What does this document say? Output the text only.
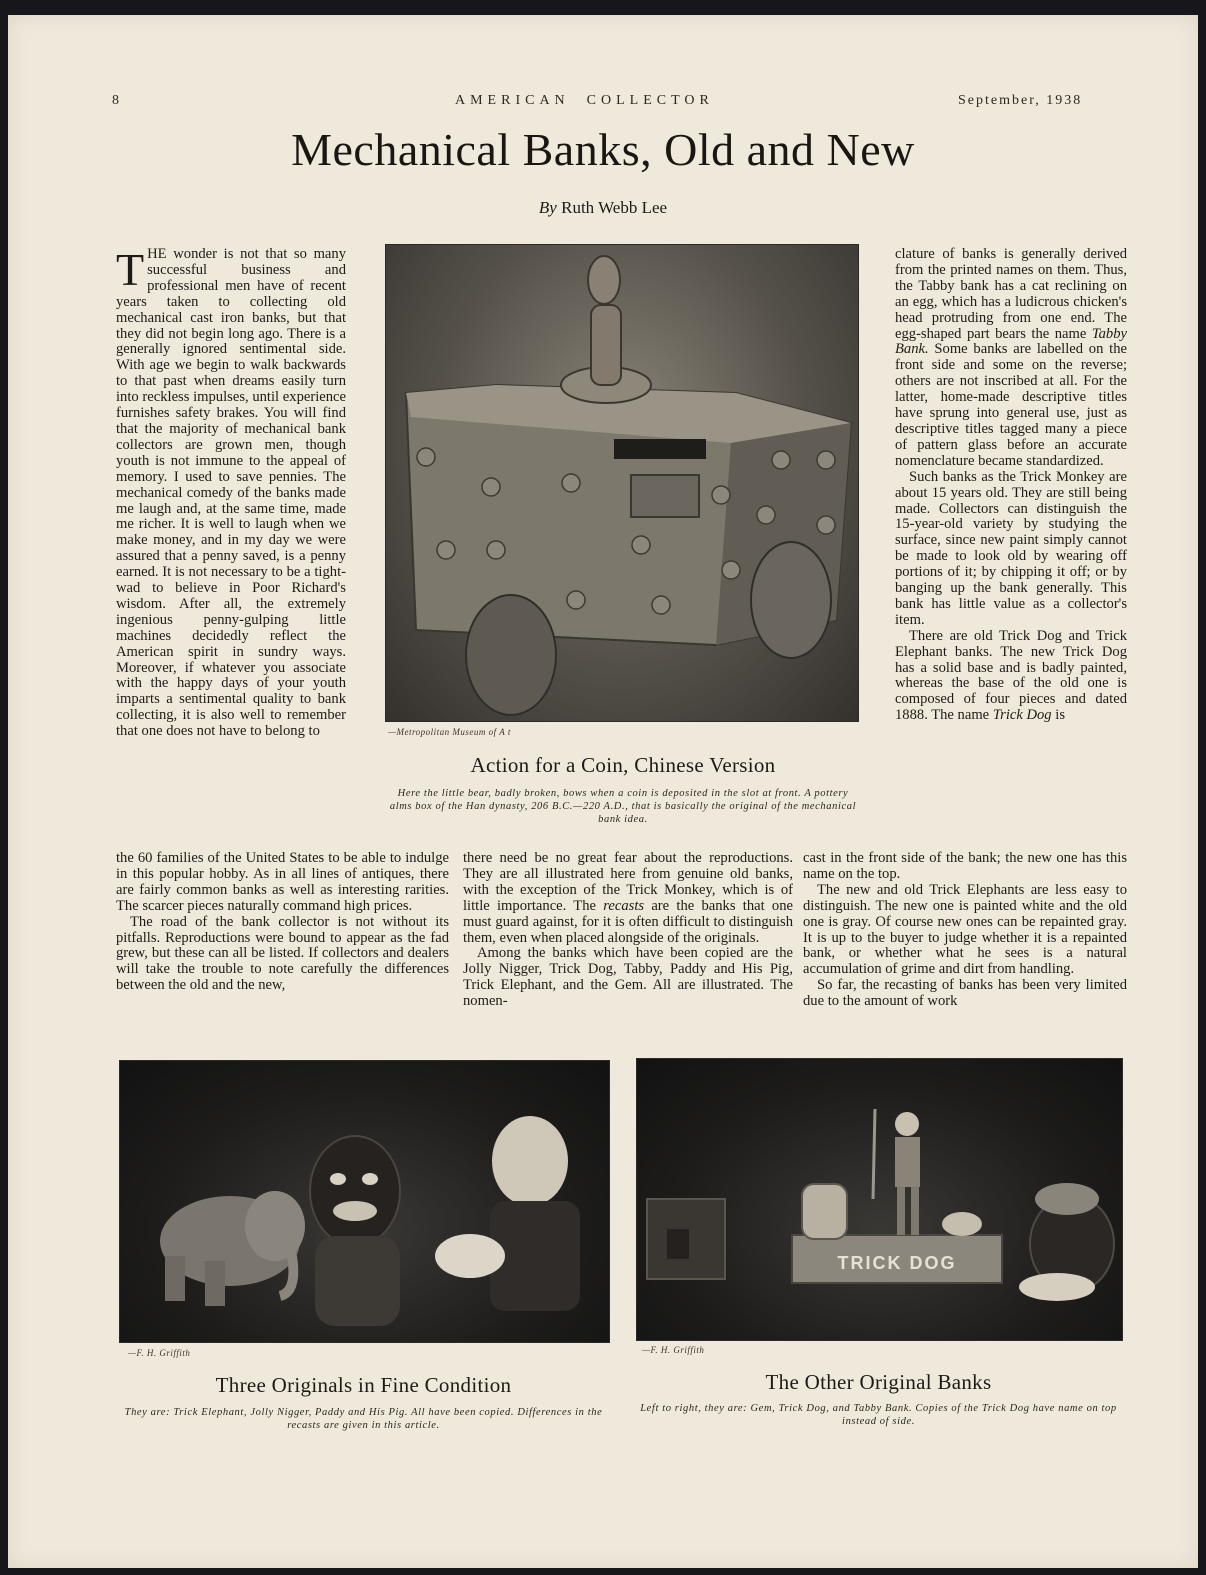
8	AMERICAN  COLLECTOR	September, 1938
Mechanical Banks, Old and New
By Ruth Webb Lee

THE wonder is not that so many successful business and professional men have of recent years taken to collecting old mechanical cast iron banks, but that they did not begin long ago. There is a generally ignored sentimental side. With age we begin to walk backwards to that past when dreams easily turn into reckless impulses, until experience furnishes safety brakes. You will find that the majority of mechanical bank collectors are grown men, though youth is not immune to the appeal of memory. I used to save pennies. The mechanical comedy of the banks made me laugh and, at the same time, made me richer. It is well to laugh when we make money, and in my day we were assured that a penny saved, is a penny earned. It is not necessary to be a tight-wad to believe in Poor Richard's wisdom. After all, the extremely ingenious penny-gulping little machines decidedly reflect the American spirit in sundry ways. Moreover, if whatever you associate with the happy days of your youth imparts a sentimental quality to bank collecting, it is also well to remember that one does not have to belong to	—Metropolitan Museum of A t
Action for a Coin, Chinese Version
Here the little bear, badly broken, bows when a coin is deposited in the slot at front. A pottery alms box of the Han dynasty, 206 B.C.—220 A.D., that is basically the original of the mechanical bank idea.

clature of banks is generally derived from the printed names on them. Thus, the Tabby bank has a cat reclining on an egg, which has a ludicrous chicken's head protruding from one end. The egg-shaped part bears the name Tabby Bank. Some banks are labelled on the front side and some on the reverse; others are not inscribed at all. For the latter, home-made descriptive titles have sprung into general use, just as descriptive titles tagged many a piece of pattern glass before an accurate nomenclature became standardized.

Such banks as the Trick Monkey are about 15 years old. They are still being made. Collectors can distinguish the 15-year-old variety by studying the surface, since new paint simply cannot be made to look old by wearing off portions of it; by chipping it off; or by banging up the bank generally. This bank has little value as a collector's item.

There are old Trick Dog and Trick Elephant banks. The new Trick Dog has a solid base and is badly painted, whereas the base of the old one is composed of four pieces and dated 1888. The name Trick Dog is

the 60 families of the United States to be able to indulge in this popular hobby. As in all lines of antiques, there are fairly common banks as well as interesting rarities. The scarcer pieces naturally command high prices.

The road of the bank collector is not without its pitfalls. Reproductions were bound to appear as the fad grew, but these can all be listed. If collectors and dealers will take the trouble to note carefully the differences between the old and the new,

there need be no great fear about the reproductions. They are all illustrated here from genuine old banks, with the exception of the Trick Monkey, which is of little importance. The recasts are the banks that one must guard against, for it is often difficult to distinguish them, even when placed alongside of the originals.

Among the banks which have been copied are the Jolly Nigger, Trick Dog, Tabby, Paddy and His Pig, Trick Elephant, and the Gem. All are illustrated. The nomen-

cast in the front side of the bank; the new one has this name on the top.

The new and old Trick Elephants are less easy to distinguish. The new one is painted white and the old one is gray. Of course new ones can be repainted gray. It is up to the buyer to judge whether it is a repainted bank, or whether what he sees is a natural accumulation of grime and dirt from handling.

So far, the recasting of banks has been very limited due to the amount of work

—F. H. Griffith
Three Originals in Fine Condition
They are: Trick Elephant, Jolly Nigger, Paddy and His Pig. All have been copied. Differences in the recasts are given in this article.
TRICK DOG
—F. H. Griffith
The Other Original Banks
Left to right, they are: Gem, Trick Dog, and Tabby Bank. Copies of the Trick Dog have name on top instead of side.
